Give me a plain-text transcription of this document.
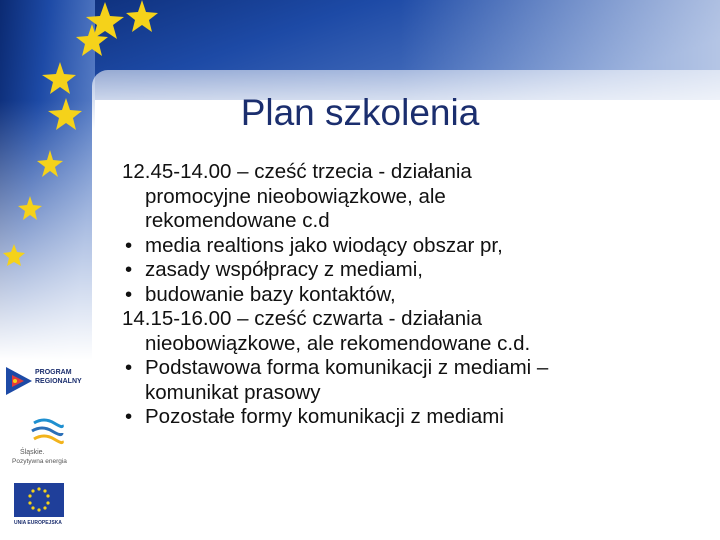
Plan szkolenia
12.45-14.00 – cześć trzecia - działania
promocyjne nieobowiązkowe, ale
rekomendowane c.d
• media realtions jako wiodący obszar pr,
• zasady współpracy z mediami,
• budowanie bazy kontaktów,
14.15-16.00 – cześć czwarta - działania
nieobowiązkowe, ale rekomendowane c.d.
• Podstawowa forma komunikacji z mediami –
komunikat prasowy
• Pozostałe formy komunikacji z mediami
PROGRAM
REGIONALNY
Śląskie.
Pozytywna energia
UNIA EUROPEJSKA
